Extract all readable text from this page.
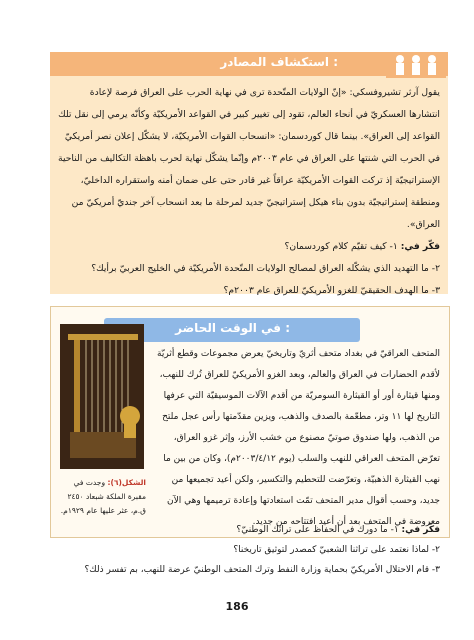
استكشاف المصادر :

يقول آرثر تشيروفسكي: «إنّ الولايات المتّحدة ترى في نهاية الحرب على العراق فرصة لإعادة انتشارها العسكريّ في أنحاء العالم، تقود إلى تغيير كبير في القواعد الأمريكيّة وكأنّه يرمي إلى نقل تلك القواعد إلى العراق». بينما قال كوردسمان: «انسحاب القوات الأمريكيّة، لا يشكّل إعلان نصر أمريكيّ في الحرب التي شنتها على العراق في عام ٢٠٠٣م وإنّما يشكّل نهاية لحرب باهظة التكاليف من الناحية الإستراتيجيّة إذ تركت القوات الأمريكيّة عراقاً غير قادر حتى على ضمان أمنه واستقراره الداخليّ، ومنطقة إستراتيجيّة بدون بناء هيكل إستراتيجيّ جديد لمرحلة ما بعد انسحاب آخر جنديّ أمريكيّ من العراق».

فكّر في: ١- كيف تقيّم كلام كوردسمان؟

٢- ما التهديد الذي يشكّله العراق لمصالح الولايات المتّحدة الأمريكيّة في الخليج العربيّ برأيك؟

٣- ما الهدف الحقيقيّ للغزو الأمريكيّ للعراق عام ٢٠٠٣م؟

في الوقت الحاضر :
الشكل(٦): وجدت في مقبرة الملكة شبعاد ٢٤٥٠ ق.م، عثر عليها عام ١٩٢٩م.
المتحف العراقيّ في بغداد متحف أثريّ وتاريخيّ يعرض مجموعات وقطع أثريّة لأقدم الحضارات في العراق والعالم، وبعد الغزو الأمريكيّ للعراق تُرك للنهب، ومنها قيثارة أور أو القيثارة السومريّة من أقدم الآلات الموسيقيّة التي عرفها التاريخ لها ١١ وتر، مطعّمة بالصدف والذهب، ويزين مقدّمتها رأس عجل ملتح من الذهب، ولها صندوق صوتيّ مصنوع من خشب الأرز، وإثر غزو العراق، تعرّض المتحف العراقي للنهب والسلب (يوم ٢٠٠٣/٤/١٢م)، وكان من بين ما نهب القيثارة الذهبيّة، وتعرّضت للتحطيم والتكسير، ولكن أعيد تجميعها من جديد، وحسب أقوال مدير المتحف تمّت استعادتها وإعادة ترميمها وهي الآن معروضة في المتحف بعد أن أعيد افتتاحه من جديد.

فكّر في: ١- ما دورك في الحفاظ على تراثك الوطنيّ؟

٢- لماذا نعتمد على تراثنا الشعبيّ كمصدر لتوثيق تاريخنا؟

٣- قام الاحتلال الأمريكيّ بحماية وزارة النفط وترك المتحف الوطنيّ عرضة للنهب، بم تفسر ذلك؟

186
